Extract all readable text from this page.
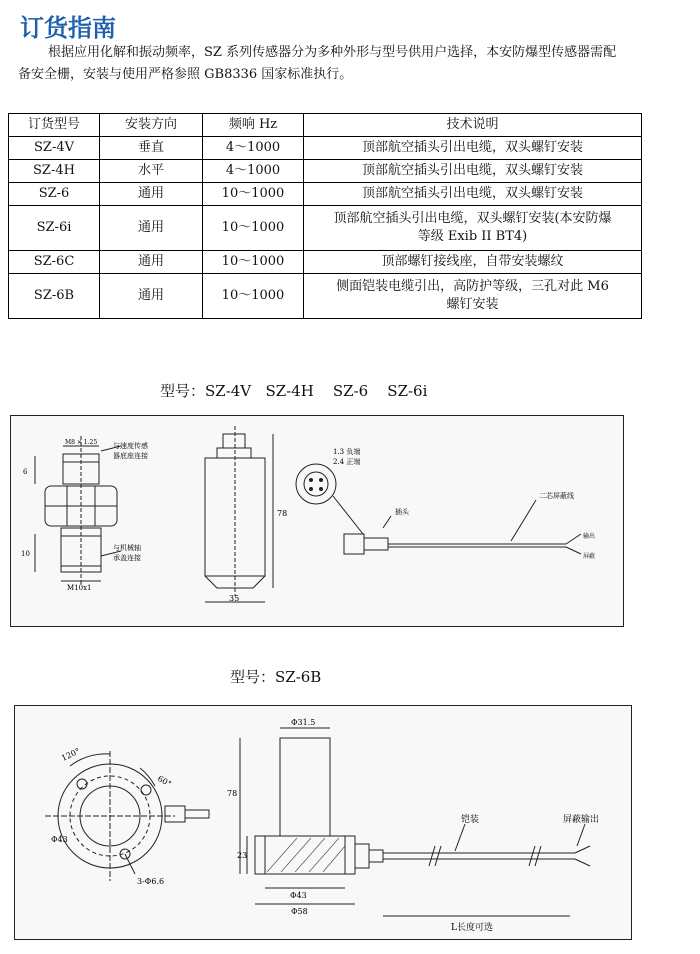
订货指南
根据应用化解和振动频率，SZ 系列传感器分为多种外形与型号供用户选择，本安防爆型传感器需配
备安全栅，安装与使用严格参照 GB8336 国家标准执行。
订货型号	安装方向	频响 Hz	技术说明
SZ-4V	垂直	4～1000	顶部航空插头引出电缆，双头螺钉安装
SZ-4H	水平	4～1000	顶部航空插头引出电缆，双头螺钉安装
SZ-6	通用	10～1000	顶部航空插头引出电缆，双头螺钉安装
SZ-6i	通用	10～1000	顶部航空插头引出电缆，双头螺钉安装(本安防爆
等级 Exib II BT4)

SZ-6C	通用	10～1000	顶部螺钉接线座，自带安装螺纹
SZ-6B	通用	10～1000	侧面铠装电缆引出，高防护等级，三孔对此 M6
螺钉安装
型号：SZ-4V   SZ-4H    SZ-6    SZ-6i
M8 × 1.25
6
10
M10x1
与速度传感
器底座连接
与机械轴
承盖连接
78
35
1.3 负端
2.4 正端
插头
二芯屏蔽线
输出
屏蔽
型号：SZ-6B
120°
60°
Φ43
3-Φ6.6
Φ31.5
78
23
Φ43
Φ58
铠装	屏蔽输出
L长度可选
